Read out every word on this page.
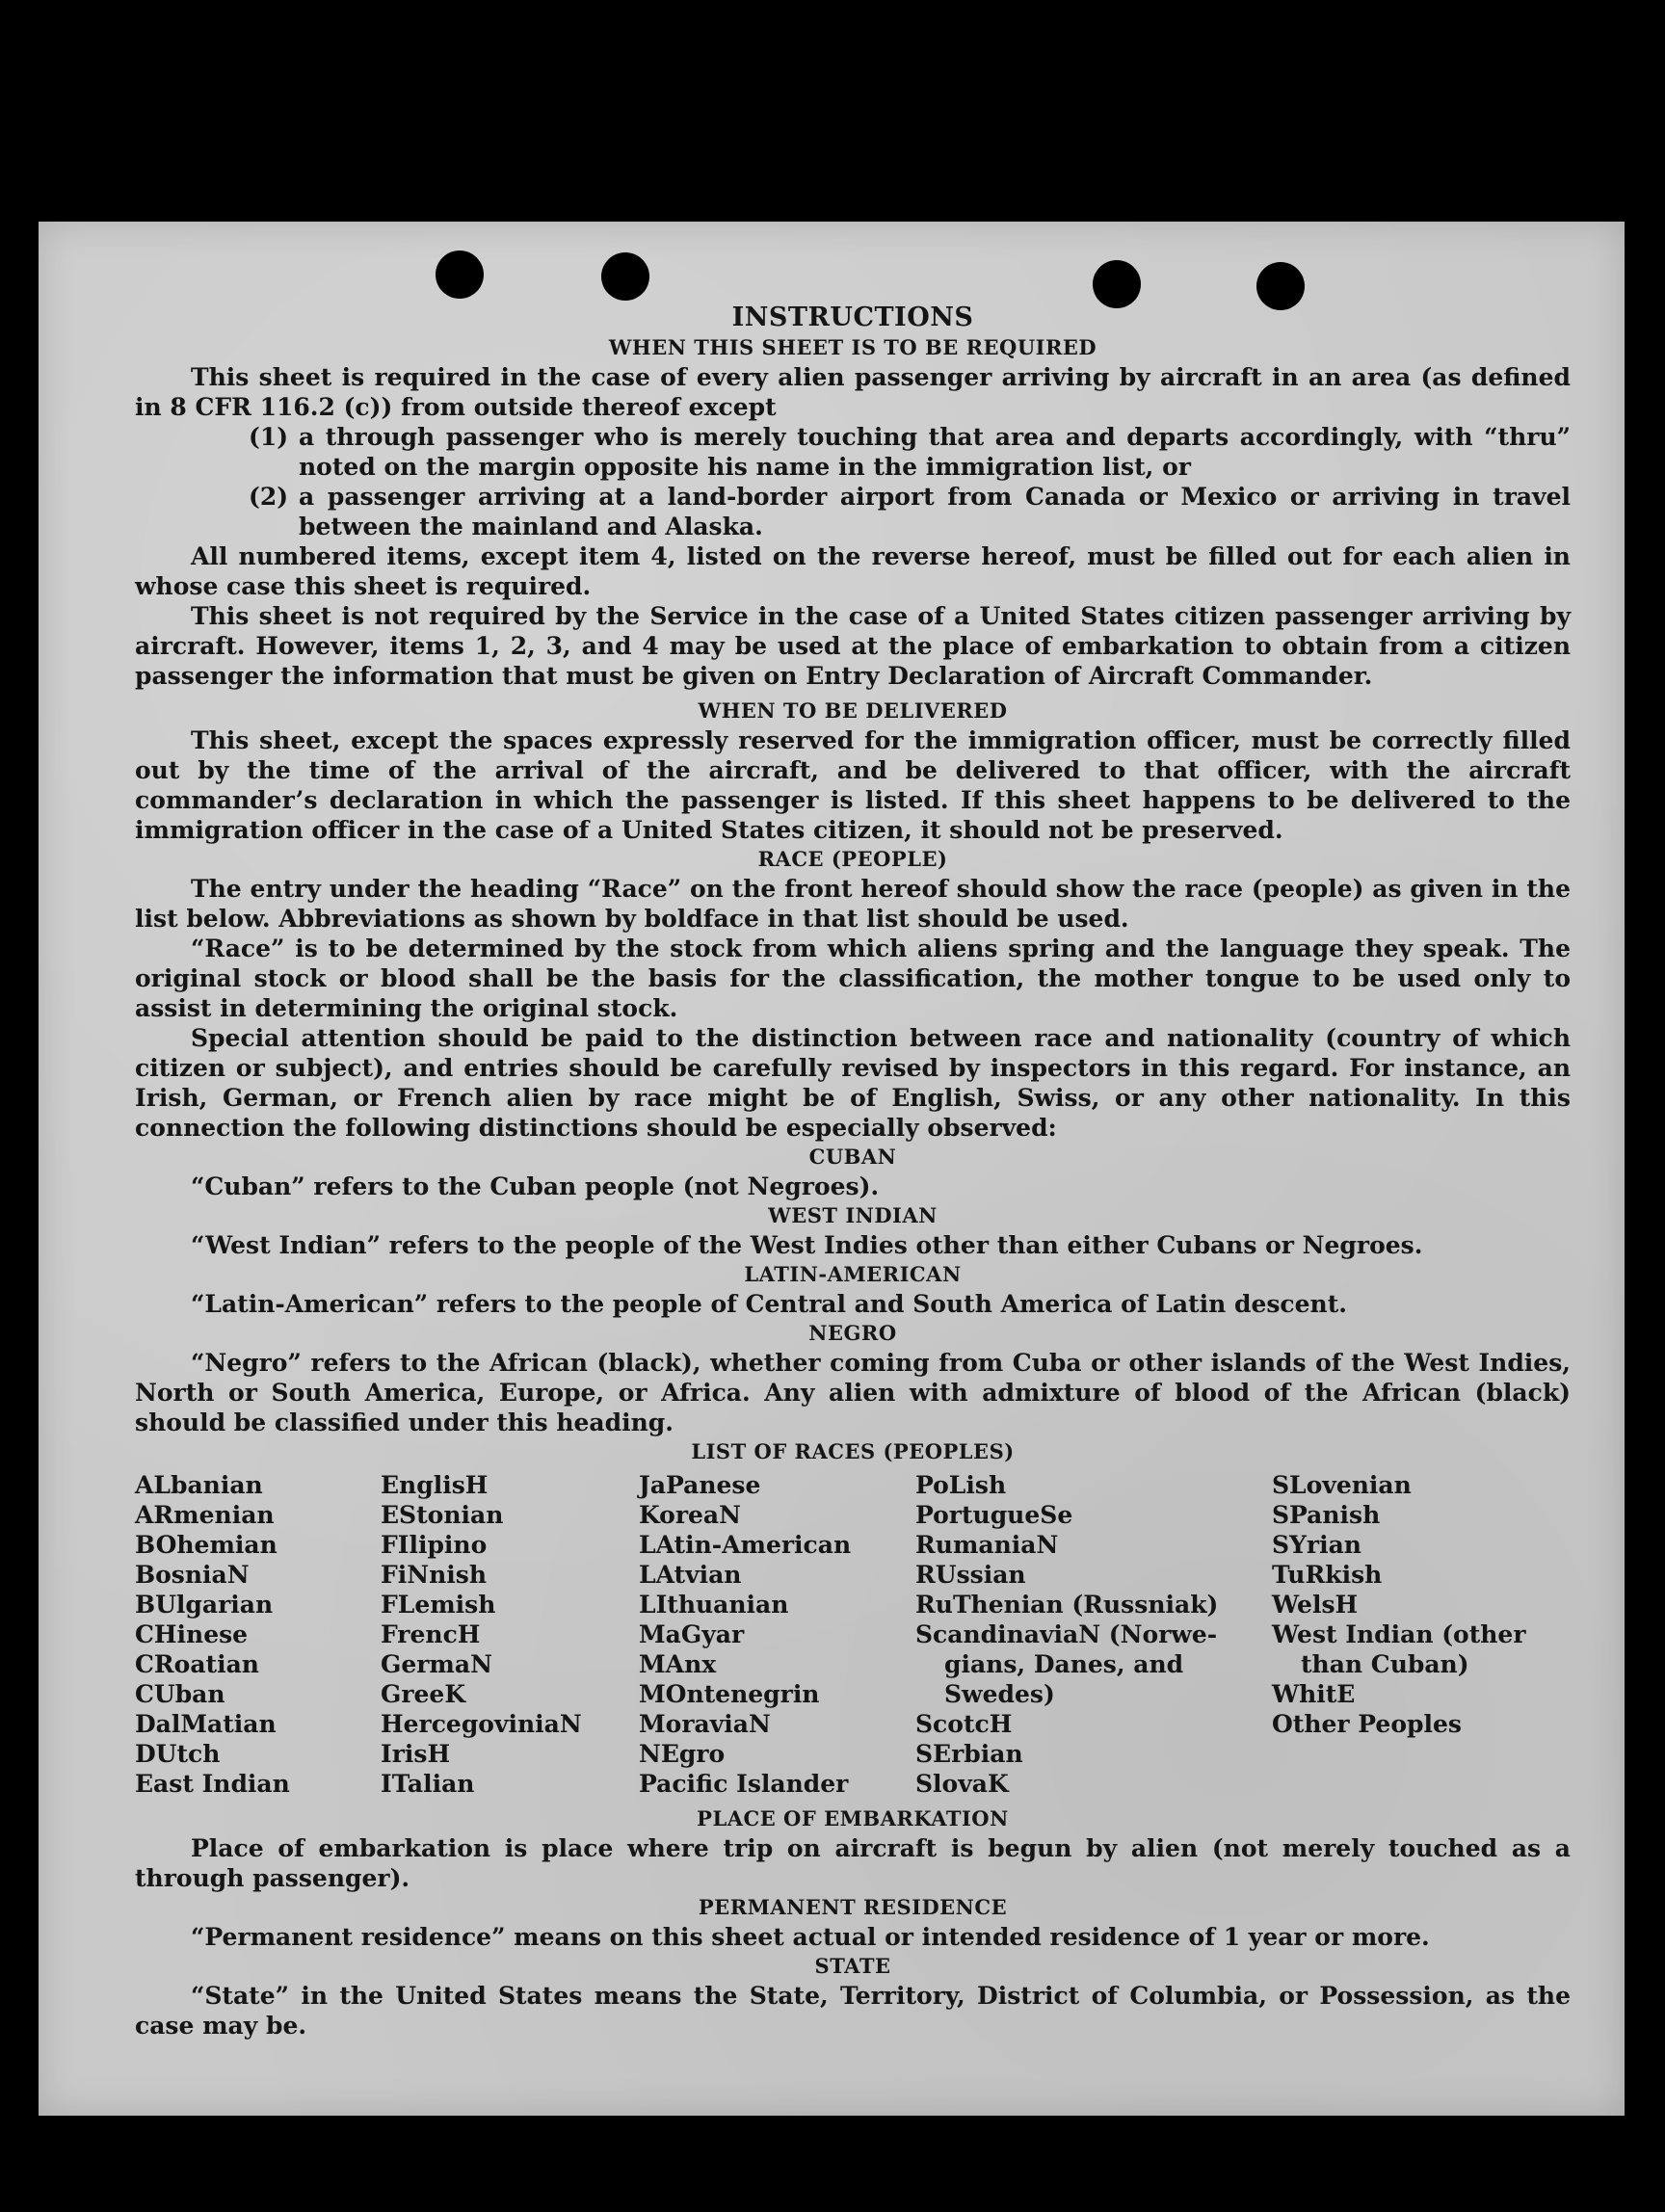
INSTRUCTIONS
WHEN THIS SHEET IS TO BE REQUIRED

This sheet is required in the case of every alien passenger arriving by aircraft in an area (as defined in 8 CFR 116.2 (c)) from outside thereof except

(1) a through passenger who is merely touching that area and departs accordingly, with “thru” noted on the margin opposite his name in the immigration list, or
(2) a passenger arriving at a land-border airport from Canada or Mexico or arriving in travel between the mainland and Alaska.

All numbered items, except item 4, listed on the reverse hereof, must be filled out for each alien in whose case this sheet is required.

This sheet is not required by the Service in the case of a United States citizen passenger arriving by aircraft. However, items 1, 2, 3, and 4 may be used at the place of embarkation to obtain from a citizen passenger the information that must be given on Entry Declaration of Aircraft Commander.

WHEN TO BE DELIVERED

This sheet, except the spaces expressly reserved for the immigration officer, must be correctly filled out by the time of the arrival of the aircraft, and be delivered to that officer, with the aircraft commander’s declaration in which the passenger is listed. If this sheet happens to be delivered to the immigration officer in the case of a United States citizen, it should not be preserved.

RACE (PEOPLE)

The entry under the heading “Race” on the front hereof should show the race (people) as given in the list below. Abbreviations as shown by boldface in that list should be used.

“Race” is to be determined by the stock from which aliens spring and the language they speak. The original stock or blood shall be the basis for the classification, the mother tongue to be used only to assist in determining the original stock.

Special attention should be paid to the distinction between race and nationality (country of which citizen or subject), and entries should be carefully revised by inspectors in this regard. For instance, an Irish, German, or French alien by race might be of English, Swiss, or any other nationality. In this connection the following distinctions should be especially observed:

CUBAN

“Cuban” refers to the Cuban people (not Negroes).

WEST INDIAN

“West Indian” refers to the people of the West Indies other than either Cubans or Negroes.

LATIN-AMERICAN

“Latin-American” refers to the people of Central and South America of Latin descent.

NEGRO

“Negro” refers to the African (black), whether coming from Cuba or other islands of the West Indies, North or South America, Europe, or Africa. Any alien with admixture of blood of the African (black) should be classified under this heading.

LIST OF RACES (PEOPLES)
ALbanian
ARmenian
BOhemian
BosniaN
BUlgarian
CHinese
CRoatian
CUban
DalMatian
DUtch
East Indian
EnglisH
EStonian
FIlipino
FiNnish
FLemish
FrencH
GermaN
GreeK
HercegoviniaN
IrisH
ITalian
JaPanese
KoreaN
LAtin-American
LAtvian
LIthuanian
MaGyar
MAnx
MOntenegrin
MoraviaN
NEgro
Pacific Islander
PoLish
PortugueSe
RumaniaN
RUssian
RuThenian (Russniak)
ScandinaviaN (Norwe-
gians, Danes, and
Swedes)
ScotcH
SErbian
SlovaK
SLovenian
SPanish
SYrian
TuRkish
WelsH
West Indian (other
than Cuban)
WhitE
Other Peoples
PLACE OF EMBARKATION

Place of embarkation is place where trip on aircraft is begun by alien (not merely touched as a through passenger).

PERMANENT RESIDENCE

“Permanent residence” means on this sheet actual or intended residence of 1 year or more.

STATE

“State” in the United States means the State, Territory, District of Columbia, or Possession, as the case may be.
